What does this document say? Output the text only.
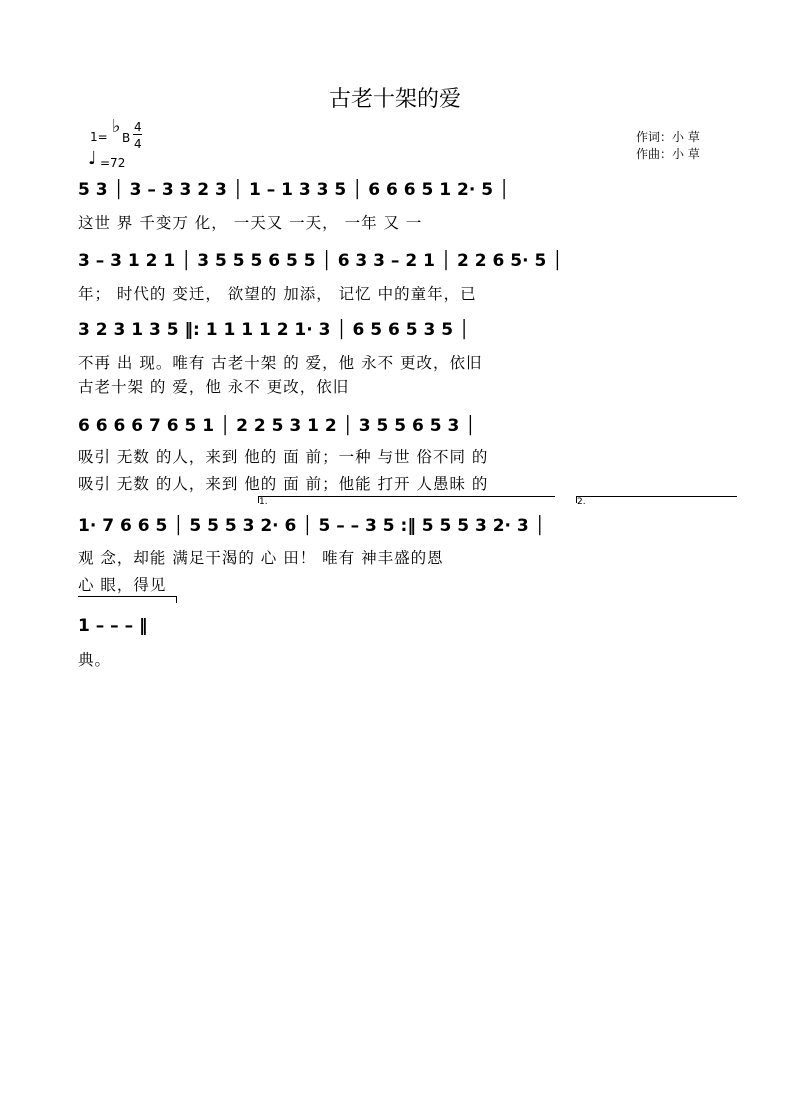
古老十架的爱
1= ♭
B
4
4
♩ =72
作词：小 草
作曲：小 草
5 3 │ 3 – 3 3 2 3 │ 1 – 1 3 3 5 │ 6 6 6 5 1 2· 5 │
这世 界 千变万 化， 一天又 一天， 一年 又 一
3 – 3 1 2 1 │ 3 5 5 5 6 5 5 │ 6 3 3 – 2 1 │ 2 2 6 5· 5 │
年； 时代的 变迁， 欲望的 加添， 记忆 中的童年，已
3 2 3 1 3 5 ‖: 1 1 1 1 2 1· 3 │ 6 5 6 5 3 5 │
不再 出 现。唯有 古老十架 的 爱，他 永不 更改，依旧
古老十架 的 爱，他 永不 更改，依旧
6 6 6 6 7 6 5 1 │ 2 2 5 3 1 2 │ 3 5 5 6 5 3 │
吸引 无数 的人，来到 他的 面 前；一种 与世 俗不同 的
吸引 无数 的人，来到 他的 面 前；他能 打开 人愚昧 的
1.	2.
1· 7 6 6 5 │ 5 5 5 3 2· 6 │ 5 – – 3 5 :‖ 5 5 5 3 2· 3 │
观 念，却能 满足干渴的 心 田！ 唯有 神丰盛的恩
心 眼，得见
1 – – – ‖
典。
